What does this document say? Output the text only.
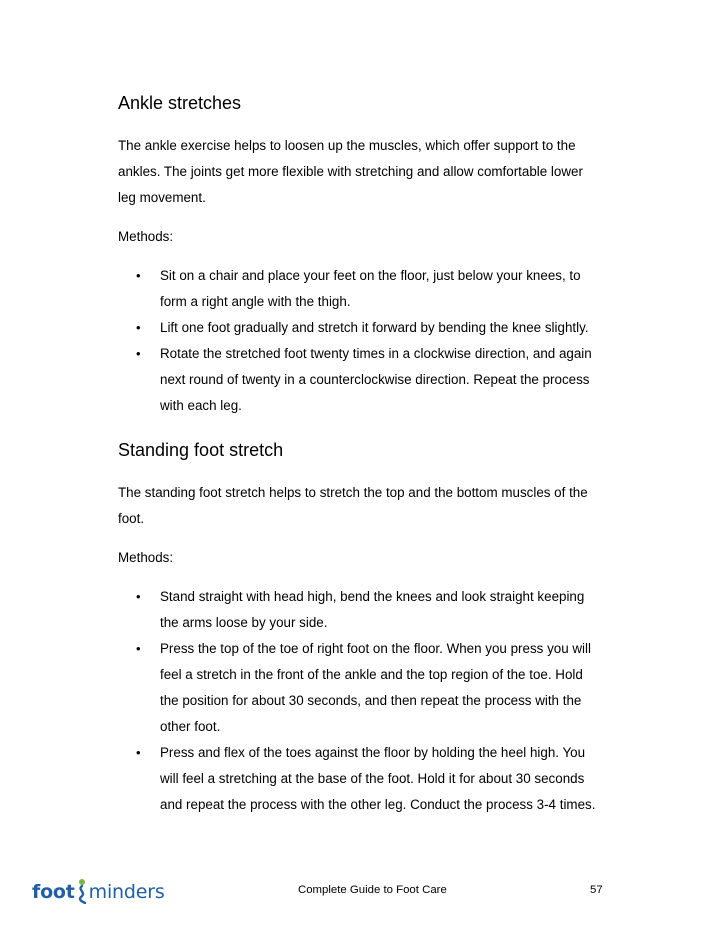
Ankle stretches

The ankle exercise helps to loosen up the muscles, which offer support to the

ankles. The joints get more flexible with stretching and allow comfortable lower

leg movement.

Methods:

• Sit on a chair and place your feet on the floor, just below your knees, to
form a right angle with the thigh.
• Lift one foot gradually and stretch it forward by bending the knee slightly.
• Rotate the stretched foot twenty times in a clockwise direction, and again
next round of twenty in a counterclockwise direction. Repeat the process
with each leg.
Standing foot stretch

The standing foot stretch helps to stretch the top and the bottom muscles of the

foot.

Methods:

• Stand straight with head high, bend the knees and look straight keeping
the arms loose by your side.
• Press the top of the toe of right foot on the floor. When you press you will
feel a stretch in the front of the ankle and the top region of the toe. Hold
the position for about 30 seconds, and then repeat the process with the
other foot.
• Press and flex of the toes against the floor by holding the heel high. You
will feel a stretching at the base of the foot. Hold it for about 30 seconds
and repeat the process with the other leg. Conduct the process 3-4 times.
foot minders	Complete Guide to Foot Care	57
